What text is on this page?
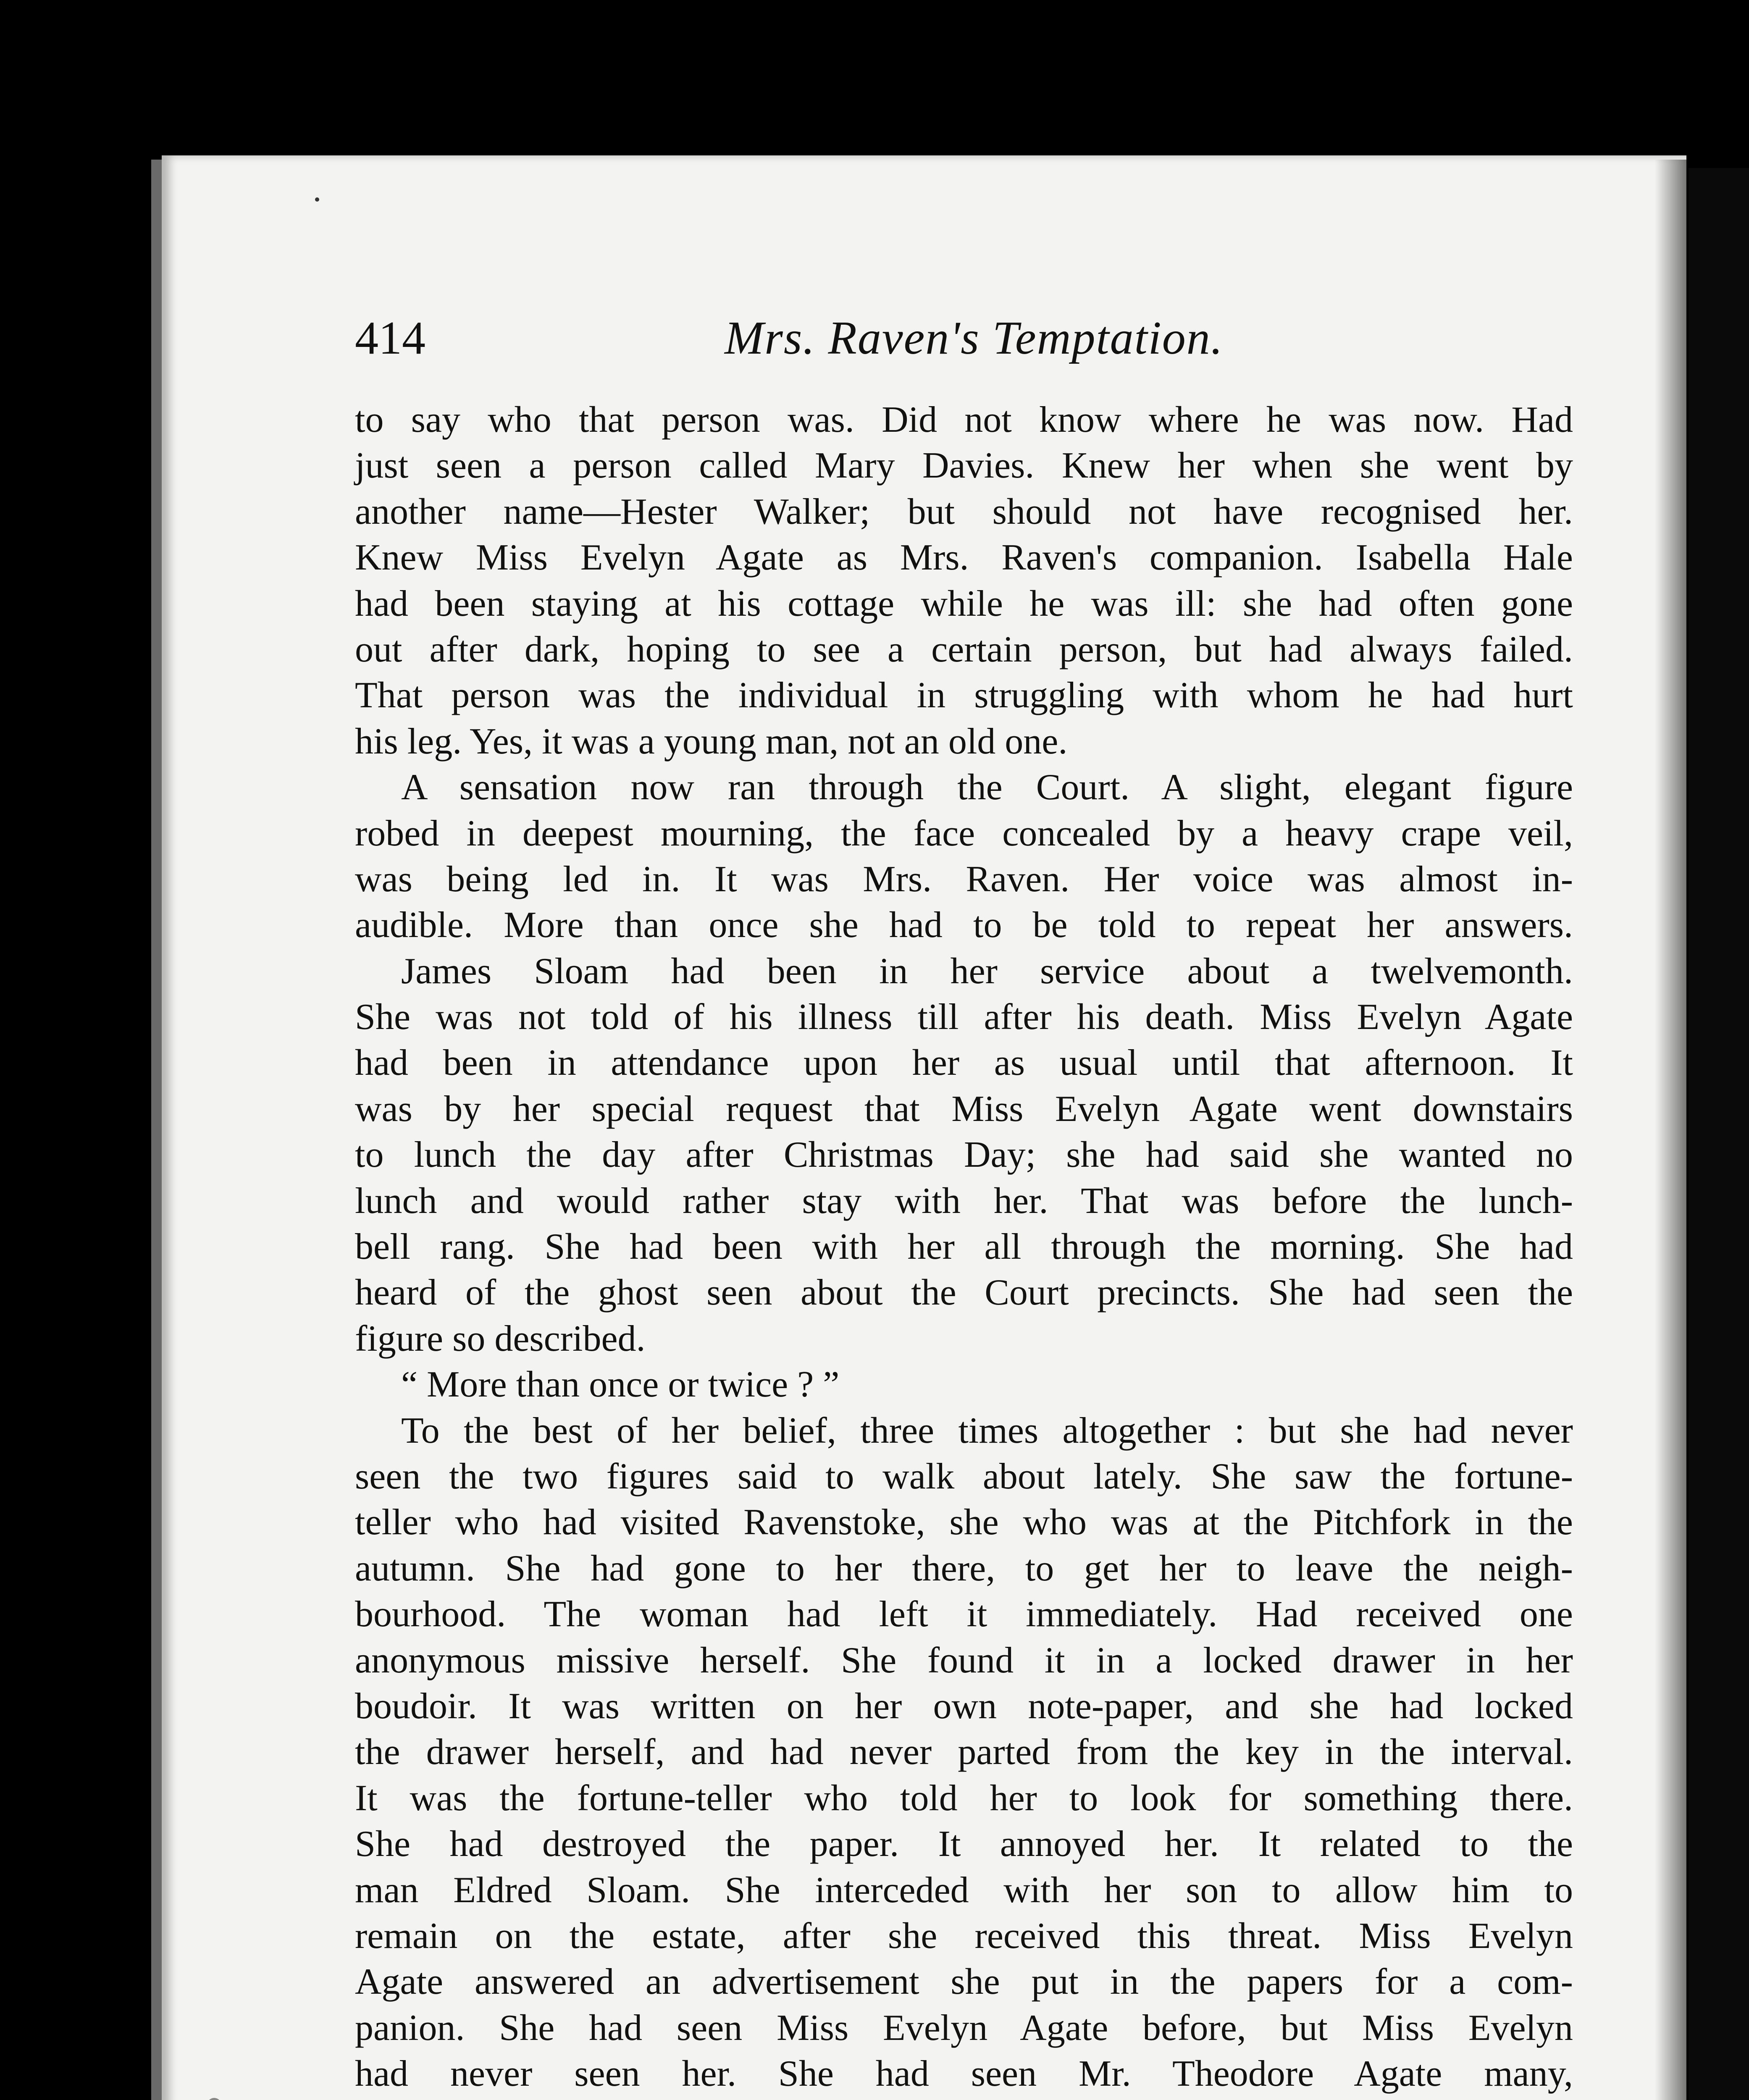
414	Mrs. Raven's Temptation.
to say who that person was. Did not know where he was now. Had
just seen a person called Mary Davies. Knew her when she went by
another name—Hester Walker; but should not have recognised her.
Knew Miss Evelyn Agate as Mrs. Raven's companion. Isabella Hale
had been staying at his cottage while he was ill: she had often gone
out after dark, hoping to see a certain person, but had always failed.
That person was the individual in struggling with whom he had hurt
his leg. Yes, it was a young man, not an old one.
A sensation now ran through the Court. A slight, elegant figure
robed in deepest mourning, the face concealed by a heavy crape veil,
was being led in. It was Mrs. Raven. Her voice was almost in-
audible. More than once she had to be told to repeat her answers.
James Sloam had been in her service about a twelvemonth.
She was not told of his illness till after his death. Miss Evelyn Agate
had been in attendance upon her as usual until that afternoon. It
was by her special request that Miss Evelyn Agate went downstairs
to lunch the day after Christmas Day; she had said she wanted no
lunch and would rather stay with her. That was before the lunch-
bell rang. She had been with her all through the morning. She had
heard of the ghost seen about the Court precincts. She had seen the
figure so described.
“ More than once or twice ? ”
To the best of her belief, three times altogether : but she had never
seen the two figures said to walk about lately. She saw the fortune-
teller who had visited Ravenstoke, she who was at the Pitchfork in the
autumn. She had gone to her there, to get her to leave the neigh-
bourhood. The woman had left it immediately. Had received one
anonymous missive herself. She found it in a locked drawer in her
boudoir. It was written on her own note-paper, and she had locked
the drawer herself, and had never parted from the key in the interval.
It was the fortune-teller who told her to look for something there.
She had destroyed the paper. It annoyed her. It related to the
man Eldred Sloam. She interceded with her son to allow him to
remain on the estate, after she received this threat. Miss Evelyn
Agate answered an advertisement she put in the papers for a com-
panion. She had seen Miss Evelyn Agate before, but Miss Evelyn
had never seen her. She had seen Mr. Theodore Agate many,
